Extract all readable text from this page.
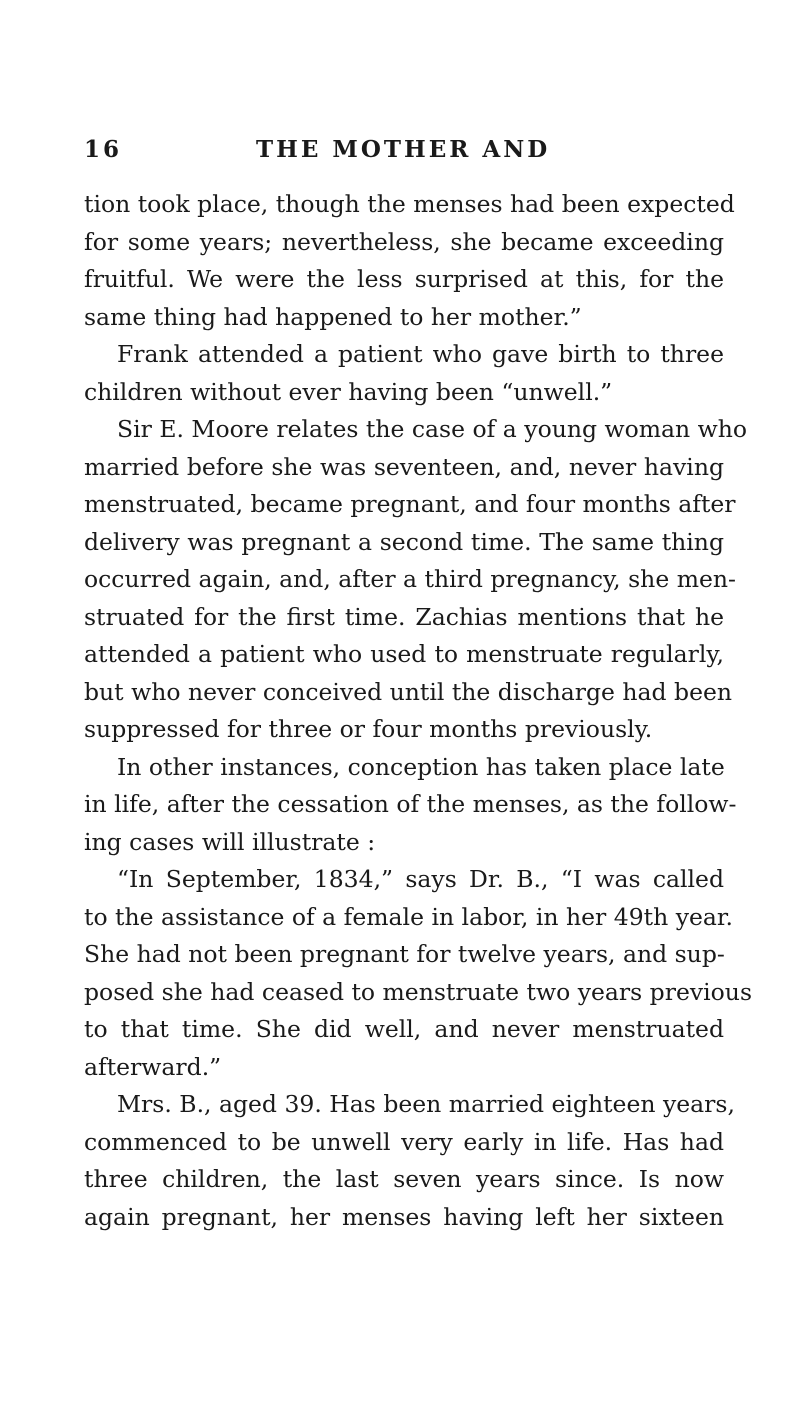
16	THE MOTHER AND
tion took place, though the menses had been expected
for some years; nevertheless, she became exceeding
fruitful. We were the less surprised at this, for the
same thing had happened to her mother.”
Frank attended a patient who gave birth to three
children without ever having been “unwell.”
Sir E. Moore relates the case of a young woman who
married before she was seventeen, and, never having
menstruated, became pregnant, and four months after
delivery was pregnant a second time. The same thing
occurred again, and, after a third pregnancy, she men-
struated for the first time. Zachias mentions that he
attended a patient who used to menstruate regularly,
but who never conceived until the discharge had been
suppressed for three or four months previously.
In other instances, conception has taken place late
in life, after the cessation of the menses, as the follow-
ing cases will illustrate :
“In September, 1834,” says Dr. B., “I was called
to the assistance of a female in labor, in her 49th year.
She had not been pregnant for twelve years, and sup-
posed she had ceased to menstruate two years previous
to that time. She did well, and never menstruated
afterward.”
Mrs. B., aged 39. Has been married eighteen years,
commenced to be unwell very early in life. Has had
three children, the last seven years since. Is now
again pregnant, her menses having left her sixteen
